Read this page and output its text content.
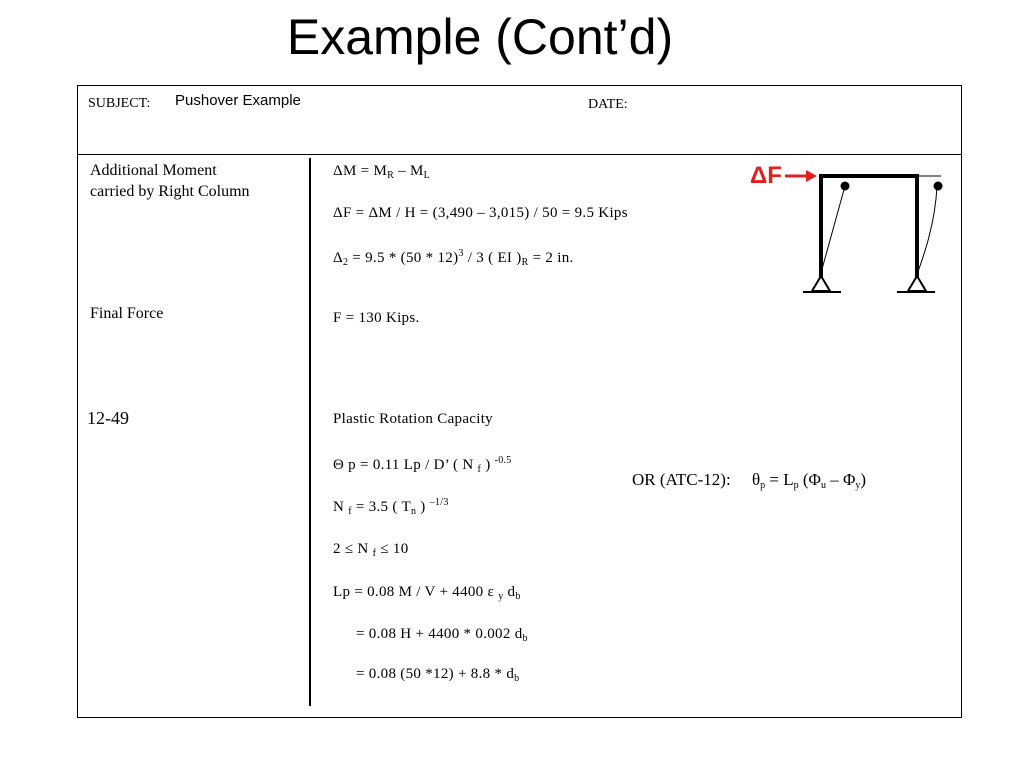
Example (Cont’d)
SUBJECT: Pushover Example	DATE:
Additional Moment
carried by Right Column
Final Force
12-49
$\Delta M = M_R - M_L$
ΔF = ΔM / H = (3,490 – 3,015) / 50 = 9.5 Kips
$\Delta_2 = 9.5 * (50 * 12)^3 / 3$ ( EI )$_R = 2$ in.
F = 130 Kips.
Plastic Rotation Capacity
Θ p = 0.11 Lp / D’ ( N $_f$ ) $^{-0.5}$
N $_f$ = 3.5 ( $T_n$ ) $^{-1/3}$
2 ≤ N $_f$ ≤ 10
Lp = 0.08 M / V + 4400 ε $_y$ $d_b$
= 0.08 H + 4400 * 0.002 $d_b$
= 0.08 (50 $*12) + 8.8 * d_b$
OR (ATC-12): $\theta_p = L_p$ $(\Phi_u - \Phi_y)$
ΔF
